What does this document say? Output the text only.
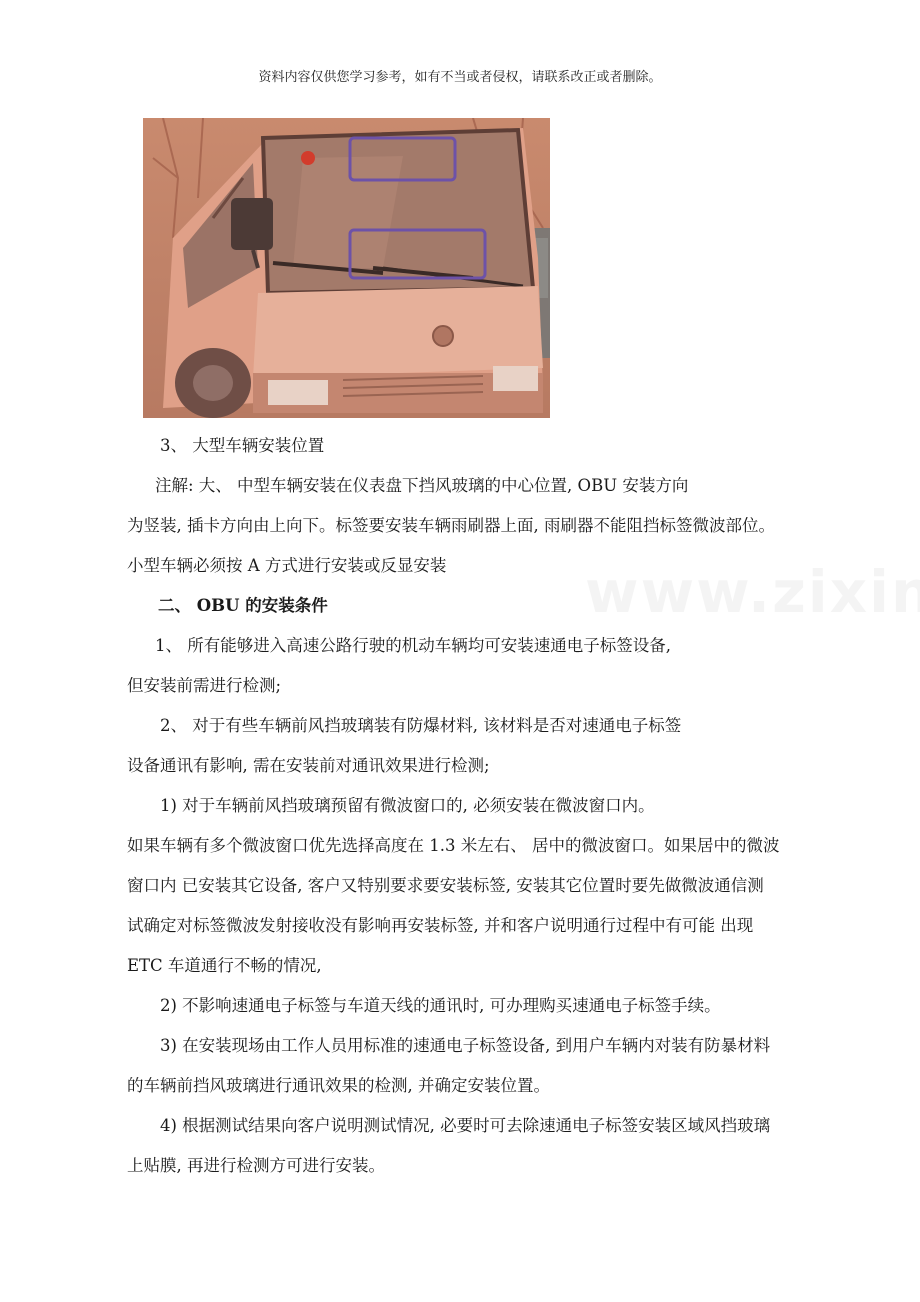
资料内容仅供您学习参考，如有不当或者侵权，请联系改正或者删除。
3、 大型车辆安装位置
注解: 大、 中型车辆安装在仪表盘下挡风玻璃的中心位置, OBU 安装方向
为竖装, 插卡方向由上向下。标签要安装车辆雨刷器上面, 雨刷器不能阻挡标签微波部位。
小型车辆必须按 A 方式进行安装或反显安装
二、 OBU 的安装条件
1、 所有能够进入高速公路行驶的机动车辆均可安装速通电子标签设备,
但安装前需进行检测;
2、 对于有些车辆前风挡玻璃装有防爆材料, 该材料是否对速通电子标签
设备通讯有影响, 需在安装前对通讯效果进行检测;
1) 对于车辆前风挡玻璃预留有微波窗口的, 必须安装在微波窗口内。
如果车辆有多个微波窗口优先选择高度在 1.3 米左右、 居中的微波窗口。如果居中的微波
窗口内 已安装其它设备, 客户又特别要求要安装标签, 安装其它位置时要先做微波通信测
试确定对标签微波发射接收没有影响再安装标签, 并和客户说明通行过程中有可能 出现
ETC 车道通行不畅的情况,
2) 不影响速通电子标签与车道天线的通讯时, 可办理购买速通电子标签手续。
3) 在安装现场由工作人员用标准的速通电子标签设备, 到用户车辆内对装有防暴材料
的车辆前挡风玻璃进行通讯效果的检测, 并确定安装位置。
4) 根据测试结果向客户说明测试情况, 必要时可去除速通电子标签安装区域风挡玻璃
上贴膜, 再进行检测方可进行安装。
